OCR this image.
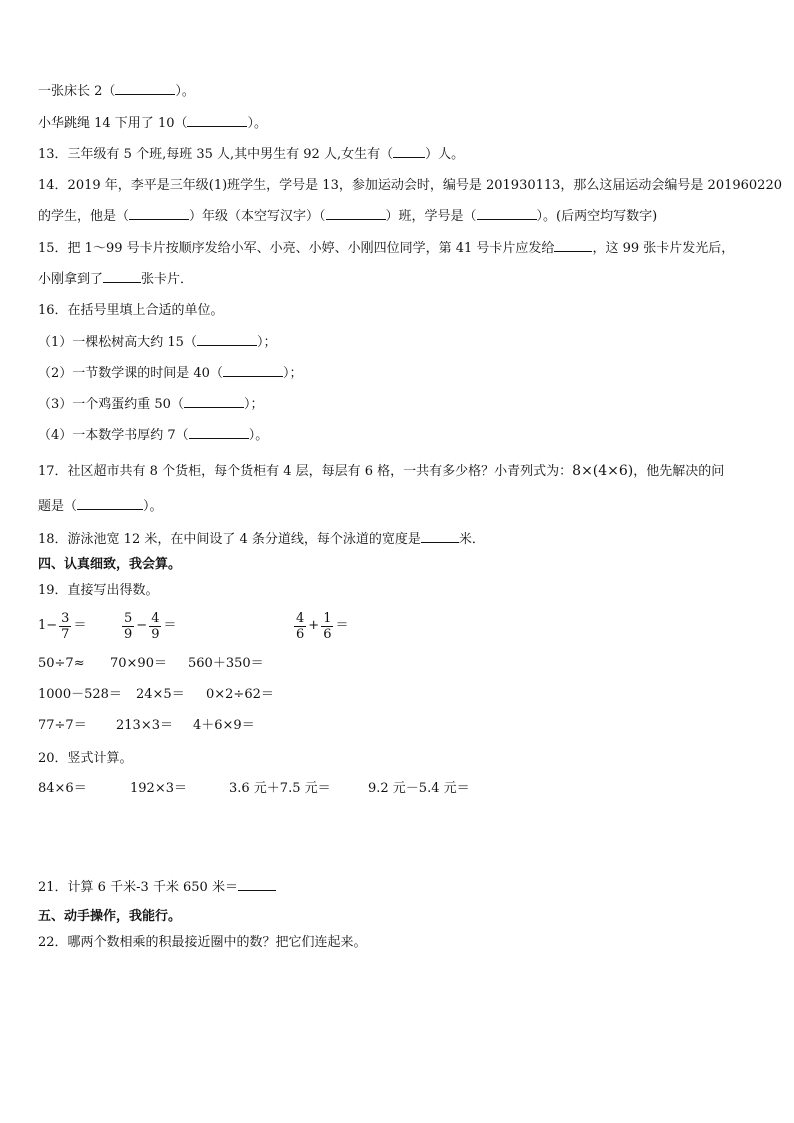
一张床长 2（	）。
小华跳绳 14 下用了 10（	）。
13．三年级有 5 个班,每班 35 人,其中男生有 92 人,女生有（ ）人。
14．2019 年，李平是三年级(1)班学生，学号是 13，参加运动会时，编号是 201930113，那么这届运动会编号是 201960220
的学生，他是（	）年级（本空写汉字）（	）班，学号是（	）。(后两空均写数字)
15．把 1～99 号卡片按顺序发给小军、小亮、小婷、小刚四位同学，第 41 号卡片应发给	，这 99 张卡片发光后，
小刚拿到了	张卡片．
16．在括号里填上合适的单位。
（1）一棵松树高大约 15（	）；
（2）一节数学课的时间是 40（	）；
（3）一个鸡蛋约重 50（	）；
（4）一本数学书厚约 7（	）。
17．社区超市共有 8 个货柜，每个货柜有 4 层，每层有 6 格，一共有多少格？小青列式为：8×(4×6)，他先解决的问
题是（	）。
18．游泳池宽 12 米，在中间设了 4 条分道线，每个泳道的宽度是	米．
四、认真细致，我会算。
19．直接写出得数。
$1- \frac{3}{7}$ ＝	$\frac{5}{9} - \frac{4}{9}$ ＝	$\frac{4}{6} + \frac{1}{6}$ ＝
50÷7≈ 70×90＝ 560＋350＝
1000－528＝ 24×5＝ 0×2÷62＝
77÷7＝ 213×3＝ 4＋6×9＝
20．竖式计算。
84×6＝	192×3＝	3.6 元＋7.5 元＝	9.2 元－5.4 元＝
21．计算 6 千米-3 千米 650 米＝
五、动手操作，我能行。
22．哪两个数相乘的积最接近圈中的数？把它们连起来。
